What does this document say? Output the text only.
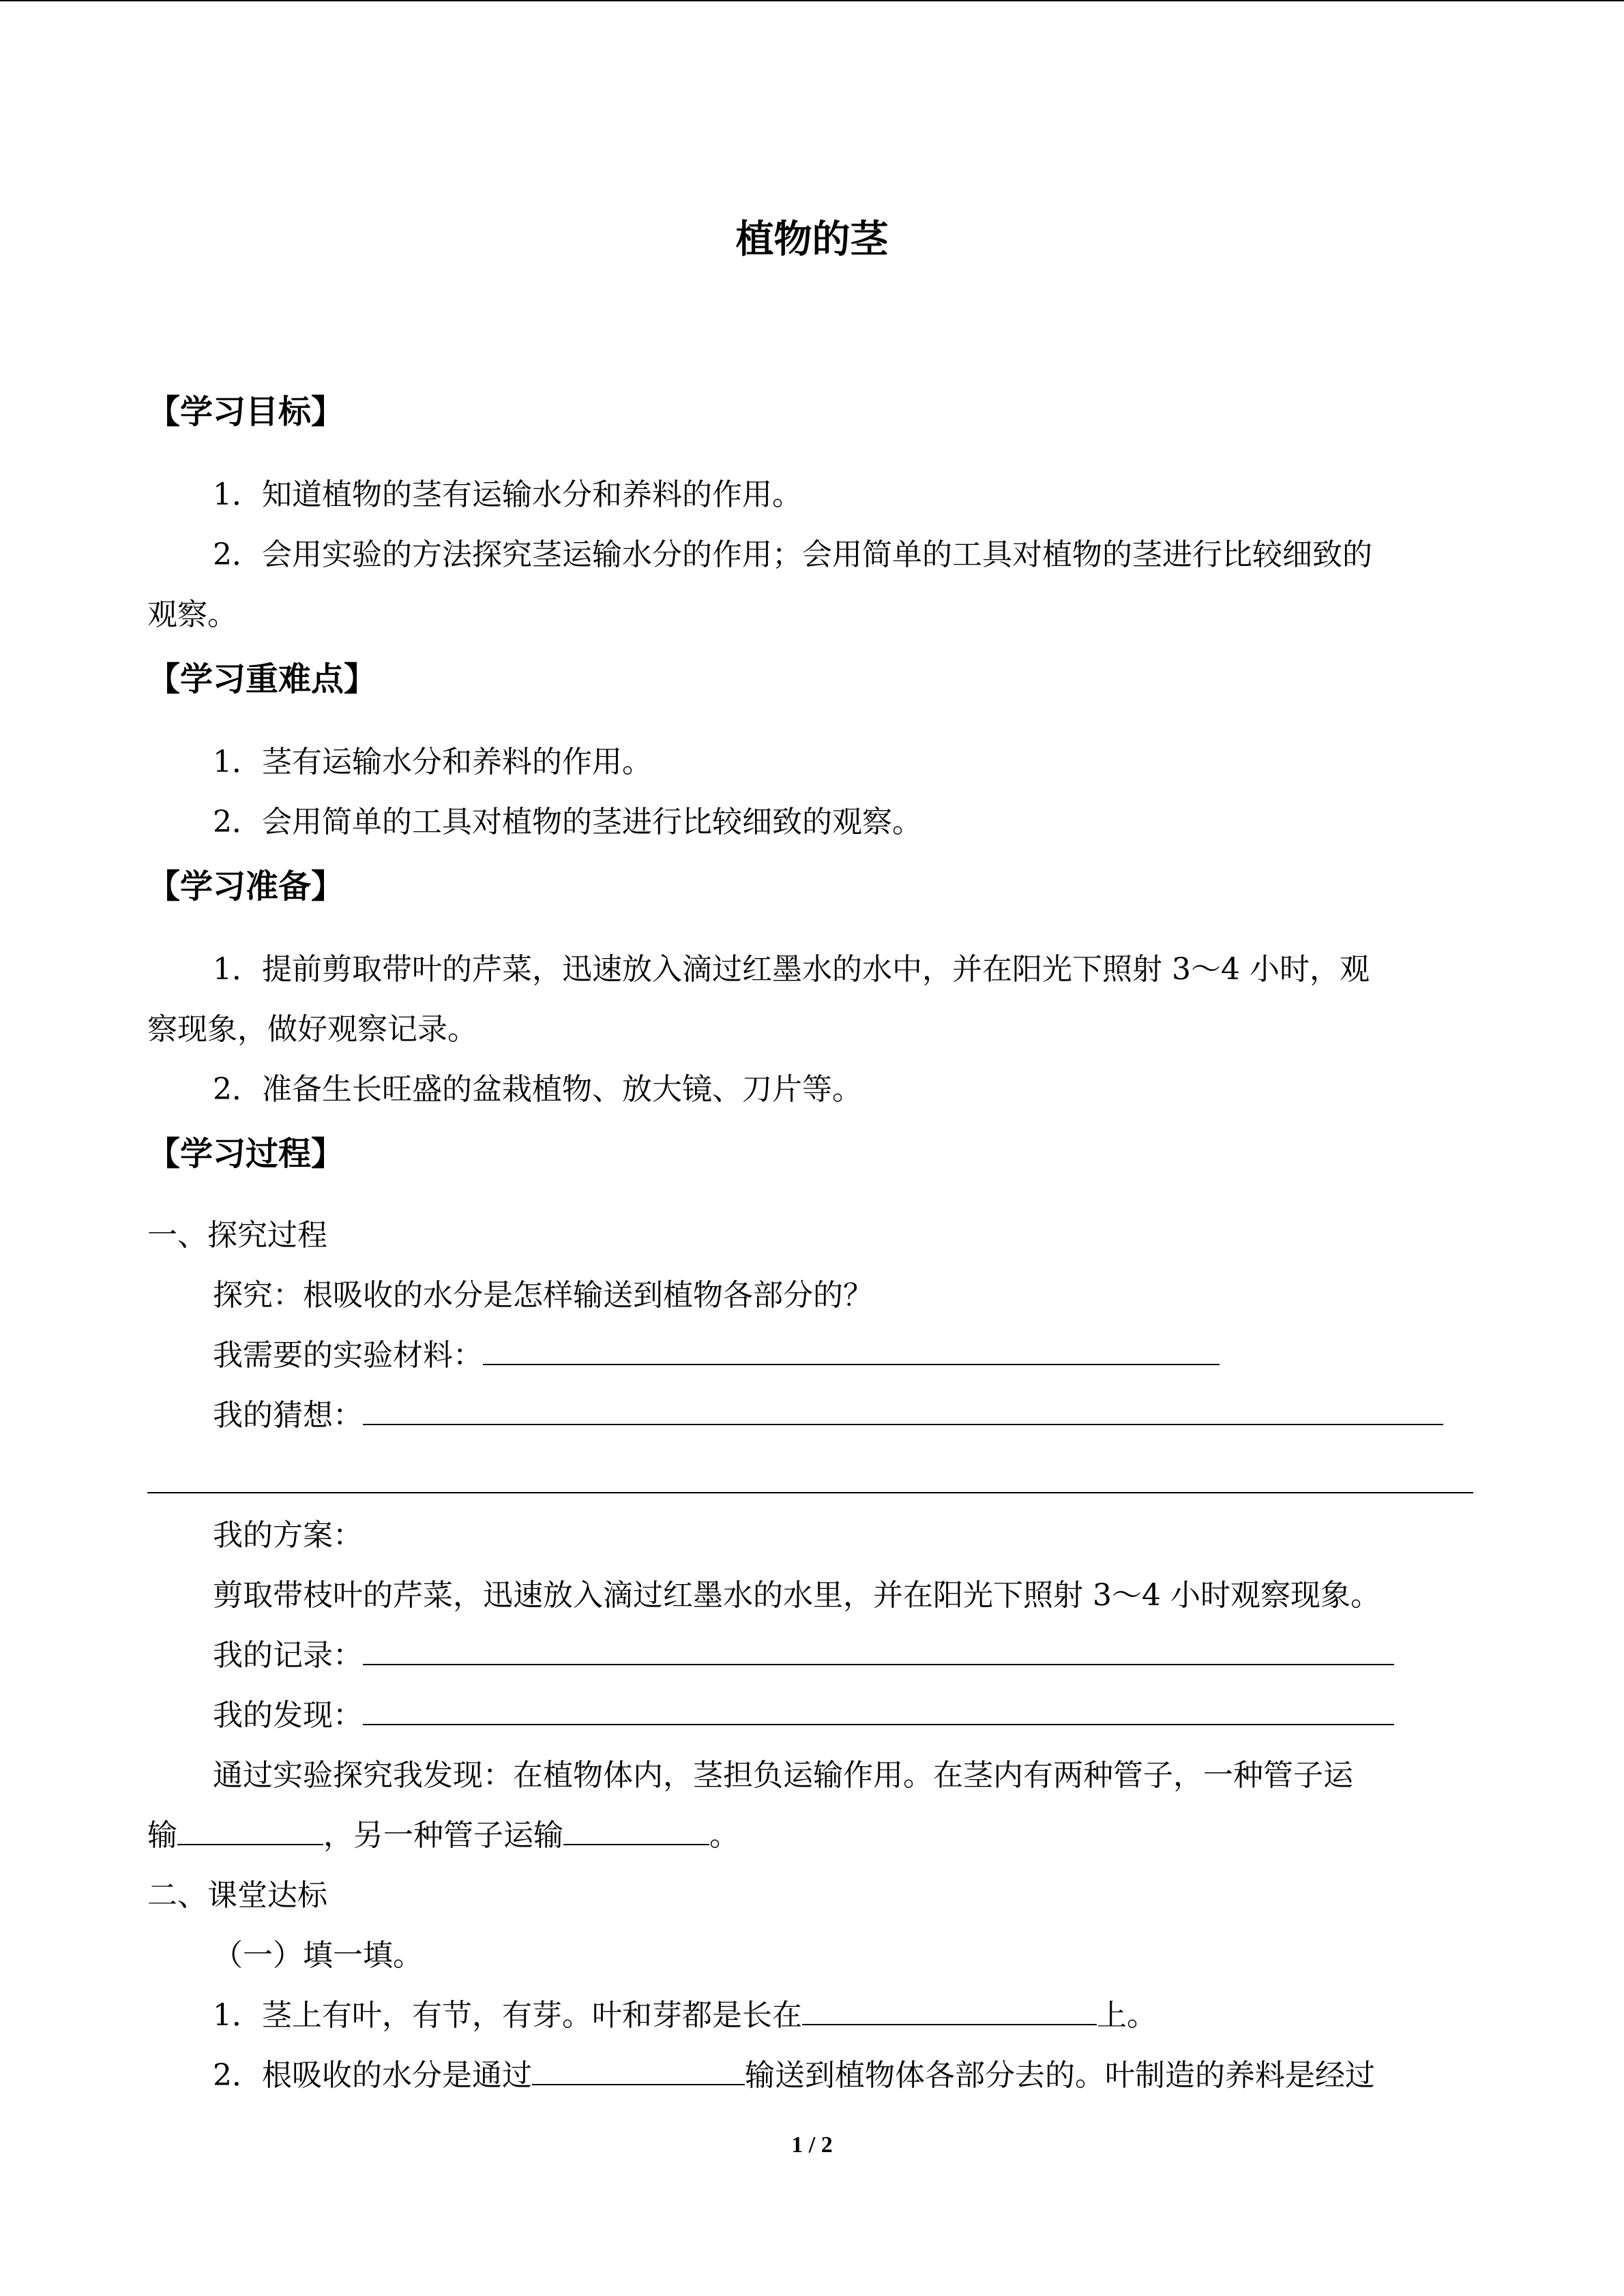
植物的茎
【学习目标】
1．知道植物的茎有运输水分和养料的作用。
2．会用实验的方法探究茎运输水分的作用；会用简单的工具对植物的茎进行比较细致的
观察。
【学习重难点】
1．茎有运输水分和养料的作用。
2．会用简单的工具对植物的茎进行比较细致的观察。
【学习准备】
1．提前剪取带叶的芹菜，迅速放入滴过红墨水的水中，并在阳光下照射 3～4 小时，观
察现象，做好观察记录。
2．准备生长旺盛的盆栽植物、放大镜、刀片等。
【学习过程】
一、探究过程
探究：根吸收的水分是怎样输送到植物各部分的？
我需要的实验材料：
我的猜想：
我的方案：
剪取带枝叶的芹菜，迅速放入滴过红墨水的水里，并在阳光下照射 3～4 小时观察现象。
我的记录：
我的发现：
通过实验探究我发现：在植物体内，茎担负运输作用。在茎内有两种管子，一种管子运
输	，另一种管子运输	。
二、课堂达标
（一）填一填。
1．茎上有叶，有节，有芽。叶和芽都是长在	上。
2．根吸收的水分是通过	输送到植物体各部分去的。叶制造的养料是经过
1 / 2
